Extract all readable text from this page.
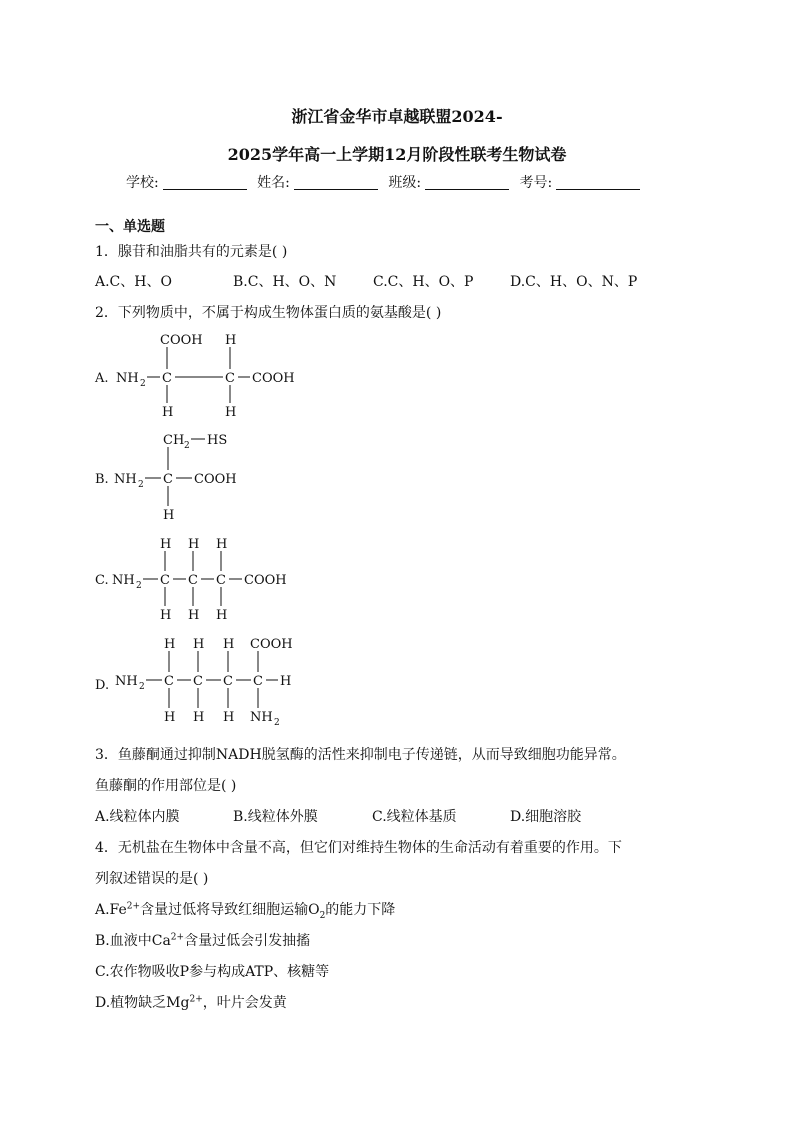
浙江省金华市卓越联盟2024-
2025学年高一上学期12月阶段性联考生物试卷
学校:	姓名:	班级:	考号:
一、单选题
1．腺苷和油脂共有的元素是( )
A.C、H、O	B.C、H、O、N	C.C、H、O、P	D.C、H、O、N、P
2．下列物质中，不属于构成生物体蛋白质的氨基酸是( )
A. NH 2 C
COOH
H
C
H
H
COOH
B. NH 2 C
CH 2 HS
H
COOH
C. NH 2 C
H
H
C
H
H
C
H
H
COOH
D. NH 2 C
H
H
C
H
H
C
H
H
C
COOH
NH 2
H
3．鱼藤酮通过抑制NADH脱氢酶的活性来抑制电子传递链，从而导致细胞功能异常。
鱼藤酮的作用部位是( )
A.线粒体内膜	B.线粒体外膜	C.线粒体基质	D.细胞溶胶
4．无机盐在生物体中含量不高，但它们对维持生物体的生命活动有着重要的作用。下
列叙述错误的是( )
$A.Fe^{2+}$含量过低将导致红细胞运输$O_2$的能力下降
B.血液中$Ca^{2+}$含量过低会引发抽搐
C.农作物吸收P参与构成ATP、核糖等
D.植物缺乏$Mg^{2+}$，叶片会发黄
